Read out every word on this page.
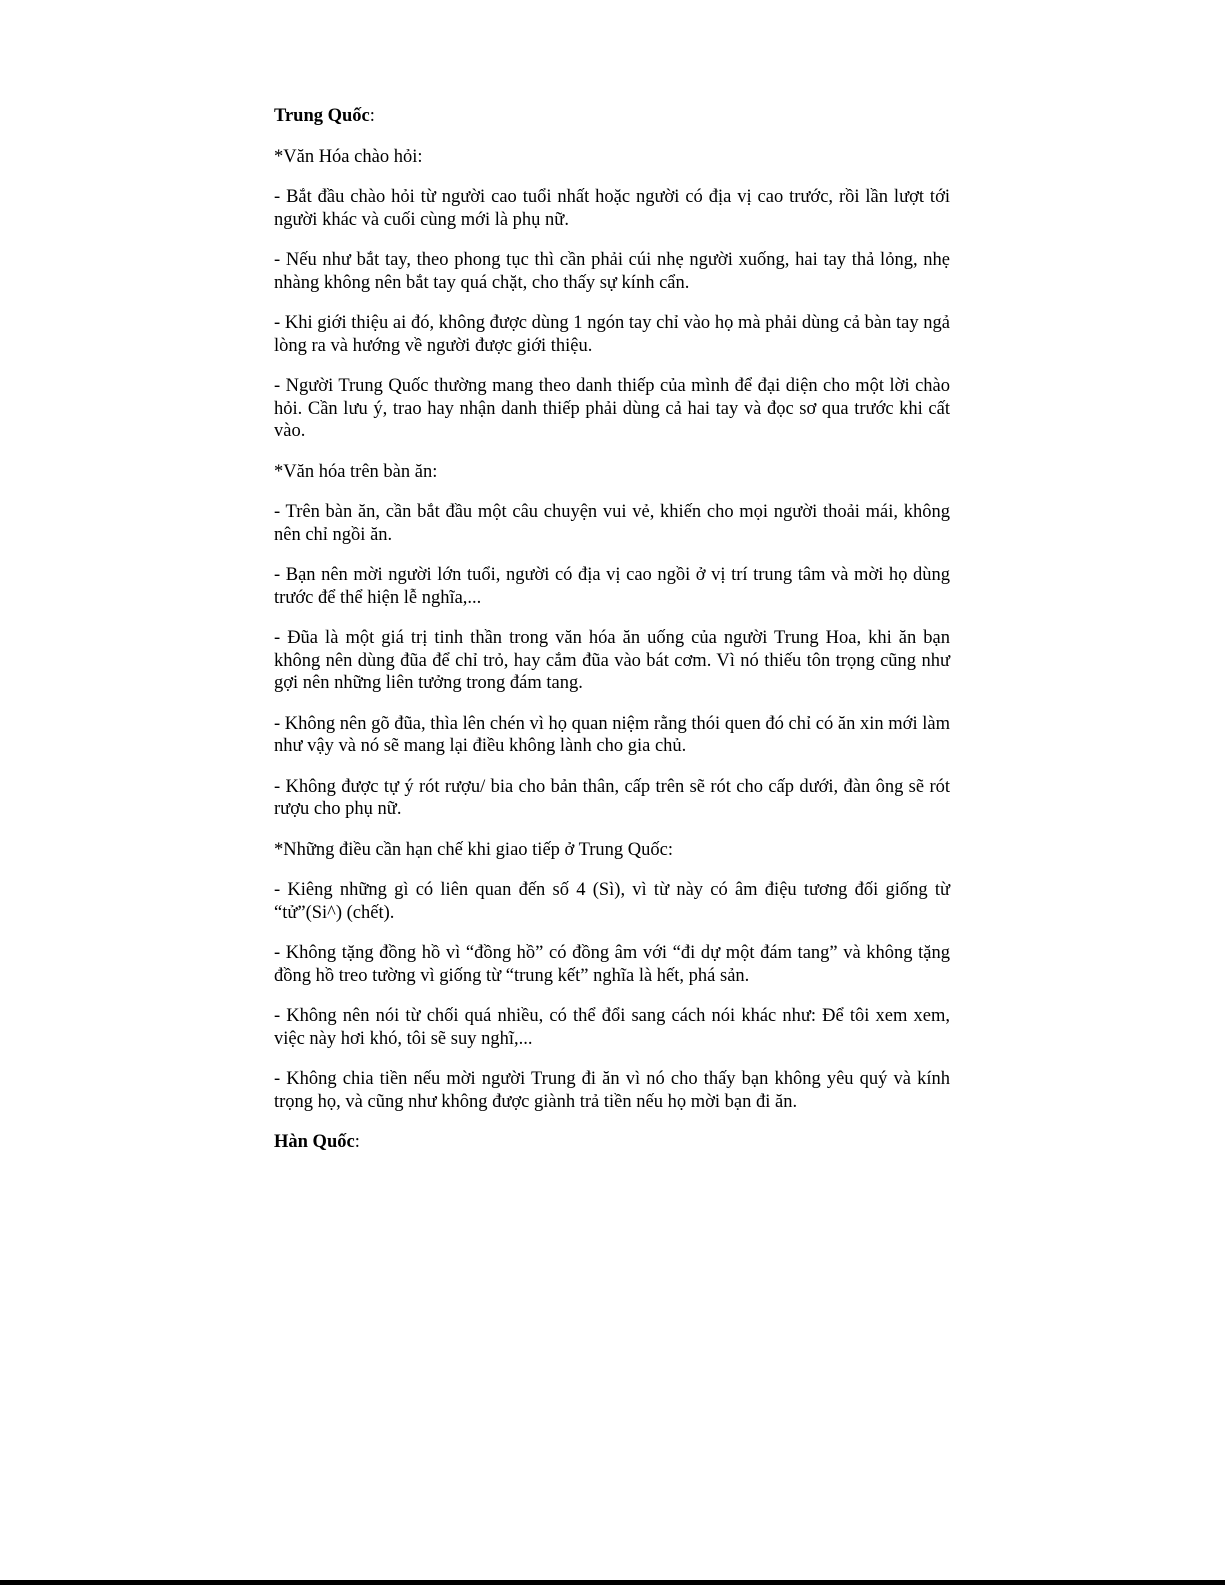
Trung Quốc:

*Văn Hóa chào hỏi:

- Bắt đầu chào hỏi từ người cao tuổi nhất hoặc người có địa vị cao trước, rồi lần lượt tới người khác và cuối cùng mới là phụ nữ.

- Nếu như bắt tay, theo phong tục thì cần phải cúi nhẹ người xuống, hai tay thả lỏng, nhẹ nhàng không nên bắt tay quá chặt, cho thấy sự kính cẩn.

- Khi giới thiệu ai đó, không được dùng 1 ngón tay chỉ vào họ mà phải dùng cả bàn tay ngả lòng ra và hướng về người được giới thiệu.

- Người Trung Quốc thường mang theo danh thiếp của mình để đại diện cho một lời chào hỏi. Cần lưu ý, trao hay nhận danh thiếp phải dùng cả hai tay và đọc sơ qua trước khi cất vào.

*Văn hóa trên bàn ăn:

- Trên bàn ăn, cần bắt đầu một câu chuyện vui vẻ, khiến cho mọi người thoải mái, không nên chỉ ngồi ăn.

- Bạn nên mời người lớn tuổi, người có địa vị cao ngồi ở vị trí trung tâm và mời họ dùng trước để thể hiện lễ nghĩa,...

- Đũa là một giá trị tinh thần trong văn hóa ăn uống của người Trung Hoa, khi ăn bạn không nên dùng đũa để chỉ trỏ, hay cắm đũa vào bát cơm. Vì nó thiếu tôn trọng cũng như gợi nên những liên tưởng trong đám tang.

- Không nên gõ đũa, thìa lên chén vì họ quan niệm rằng thói quen đó chỉ có ăn xin mới làm như vậy và nó sẽ mang lại điều không lành cho gia chủ.

- Không được tự ý rót rượu/ bia cho bản thân, cấp trên sẽ rót cho cấp dưới, đàn ông sẽ rót rượu cho phụ nữ.

*Những điều cần hạn chế khi giao tiếp ở Trung Quốc:

- Kiêng những gì có liên quan đến số 4 (Sì), vì từ này có âm điệu tương đối giống từ “tử”(Si^) (chết).

- Không tặng đồng hồ vì “đồng hồ” có đồng âm với “đi dự một đám tang” và không tặng đồng hồ treo tường vì giống từ “trung kết” nghĩa là hết, phá sản.

- Không nên nói từ chối quá nhiều, có thể đổi sang cách nói khác như: Để tôi xem xem, việc này hơi khó, tôi sẽ suy nghĩ,...

- Không chia tiền nếu mời người Trung đi ăn vì nó cho thấy bạn không yêu quý và kính trọng họ, và cũng như không được giành trả tiền nếu họ mời bạn đi ăn.

Hàn Quốc:
